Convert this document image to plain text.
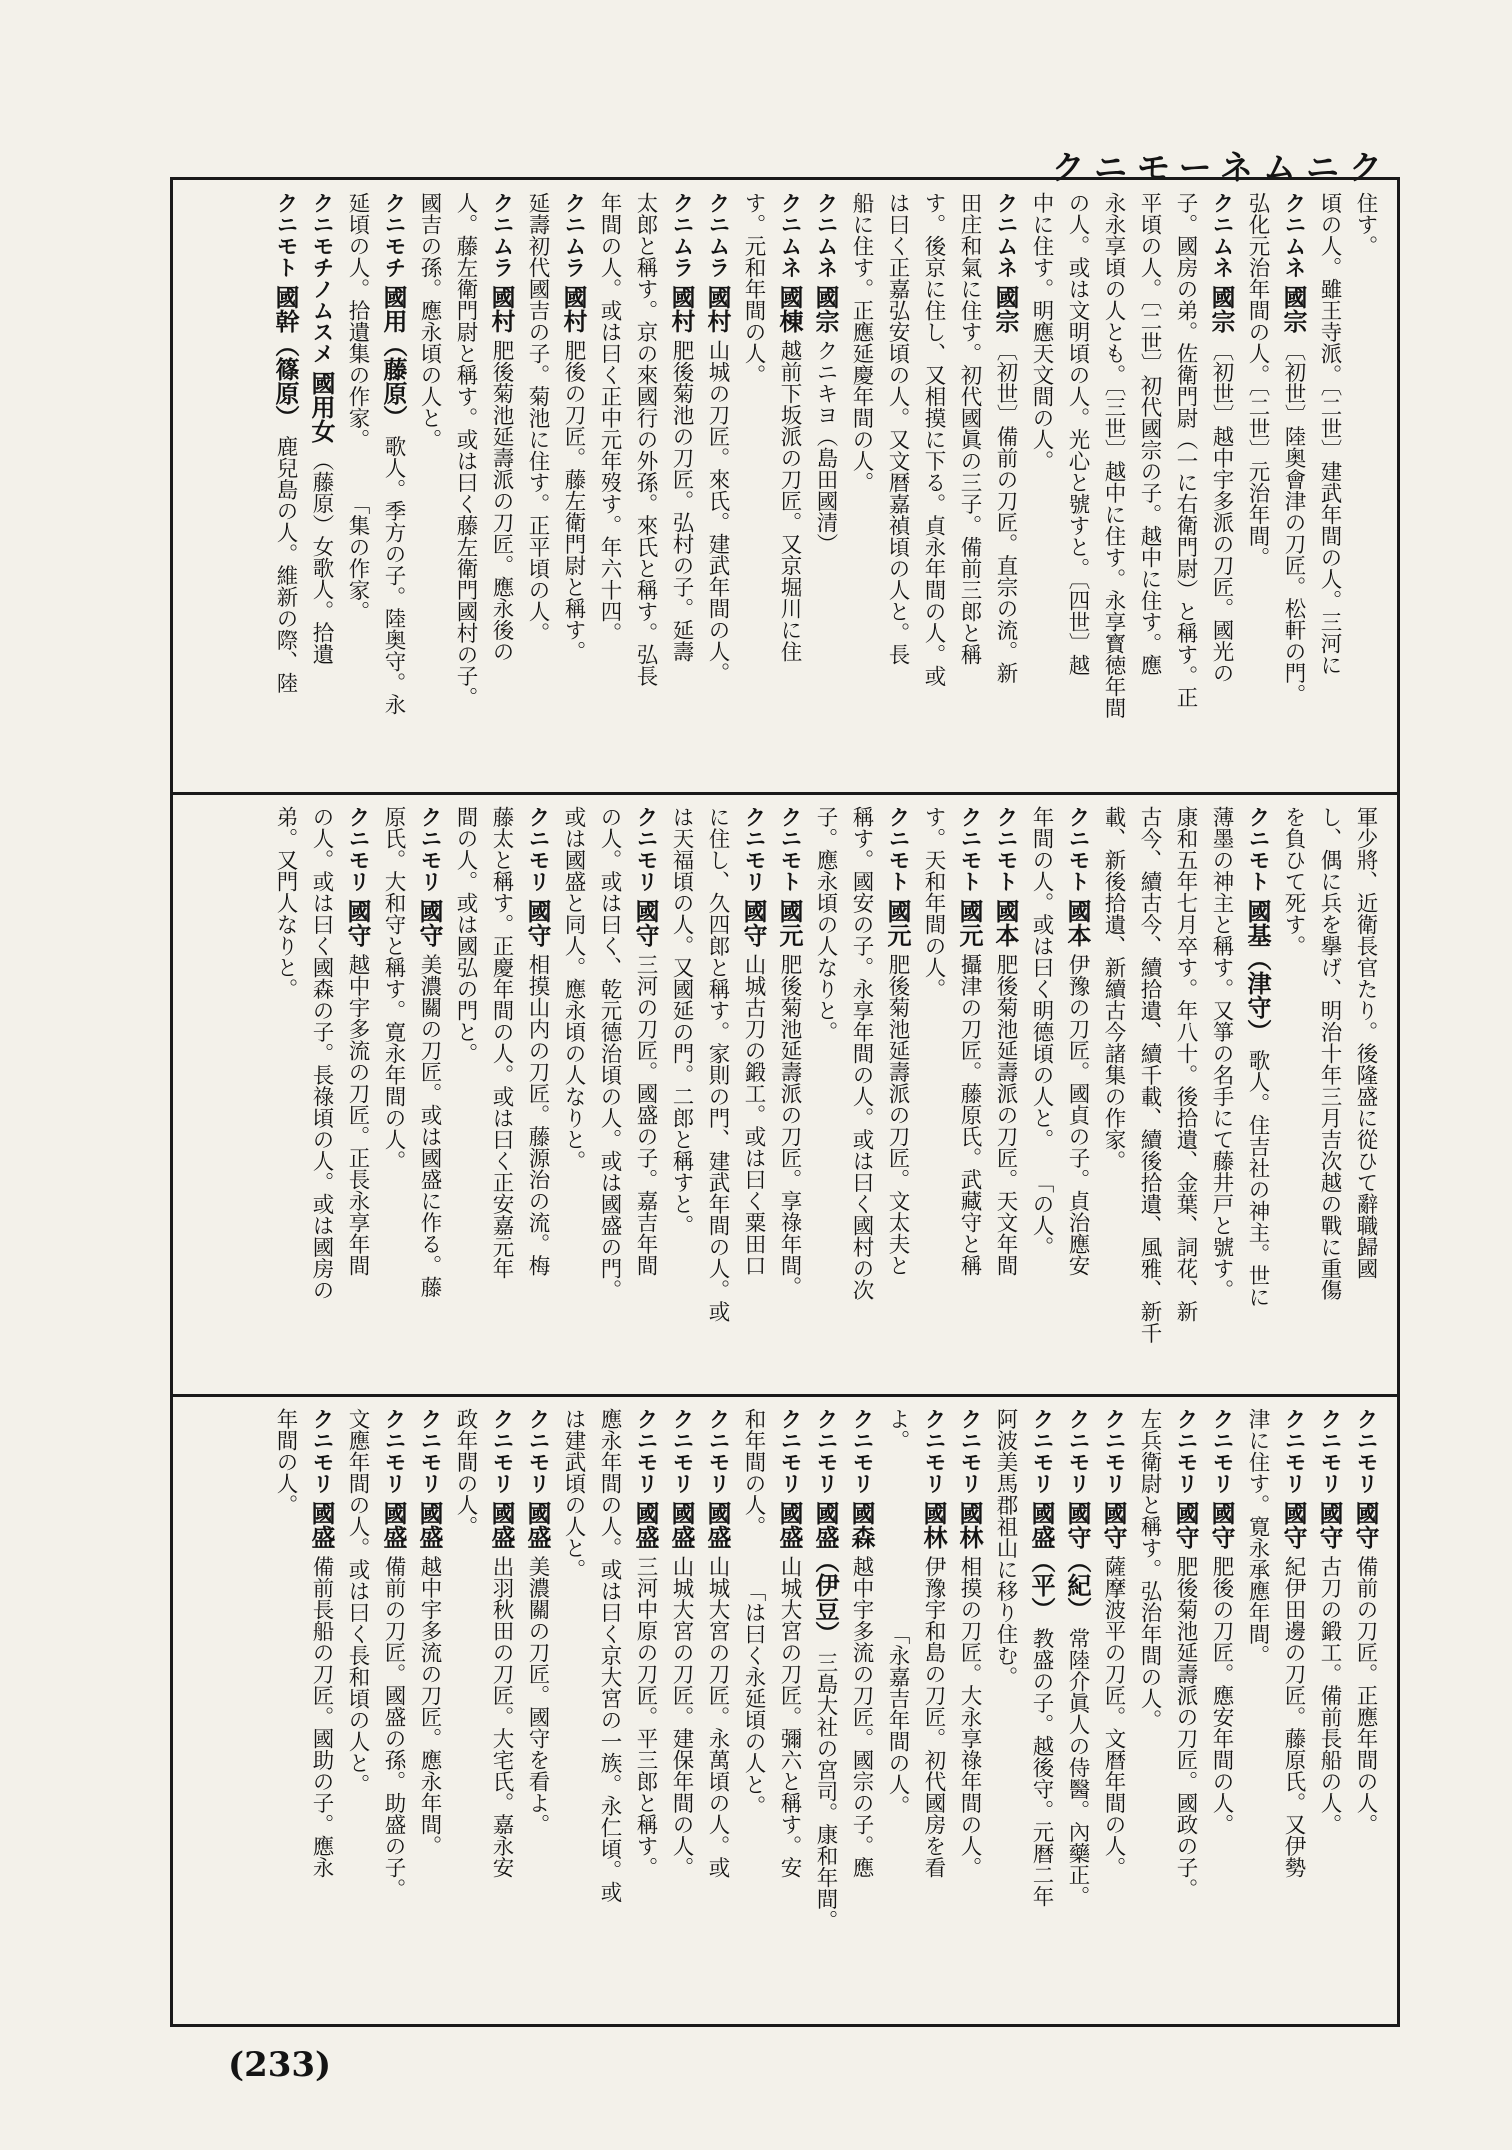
クニモーネムニク
住す。
頃の人。雖王寺派。〔二世〕建武年間の人。三河に
クニムネ 國宗 〔初世〕陸奥會津の刀匠。松軒の門。
弘化元治年間の人。〔二世〕元治年間。
クニムネ 國宗 〔初世〕越中宇多派の刀匠。國光の
子。國房の弟。佐衛門尉（一に右衛門尉）と稱す。正
平頃の人。〔二世〕初代國宗の子。越中に住す。應
永永享頃の人とも。〔三世〕越中に住す。永享寳徳年間
の人。或は文明頃の人。光心と號すと。〔四世〕越
中に住す。明應天文間の人。
クニムネ 國宗 〔初世〕備前の刀匠。直宗の流。新
田庄和氣に住す。初代國眞の三子。備前三郎と稱
す。後京に住し、又相摸に下る。貞永年間の人。或
は曰く正嘉弘安頃の人。又文暦嘉禎頃の人と。長
船に住す。正應延慶年間の人。
クニムネ 國宗 クニキヨ（島田國清）
クニムネ 國棟 越前下坂派の刀匠。又京堀川に住
す。元和年間の人。
クニムラ 國村 山城の刀匠。來氏。建武年間の人。
クニムラ 國村 肥後菊池の刀匠。弘村の子。延壽
太郎と稱す。京の來國行の外孫。來氏と稱す。弘長
年間の人。或は曰く正中元年歿す。年六十四。
クニムラ 國村 肥後の刀匠。藤左衛門尉と稱す。
延壽初代國吉の子。菊池に住す。正平頃の人。
クニムラ 國村 肥後菊池延壽派の刀匠。應永後の
人。藤左衛門尉と稱す。或は曰く藤左衛門國村の子。
國吉の孫。應永頃の人と。
クニモチ 國用（藤原） 歌人。季方の子。陸奥守。永
延頃の人。拾遺集の作家。　　　「集の作家。
クニモチノムスメ 國用女 （藤原）女歌人。拾遺
クニモト 國幹（篠原） 鹿兒島の人。維新の際、陸
軍少將、近衛長官たり。後隆盛に從ひて辭職歸國
し、偶に兵を擧げ、明治十年三月吉次越の戰に重傷
を負ひて死す。
クニモト 國基（津守） 歌人。住吉社の神主。世に
薄墨の神主と稱す。又箏の名手にて藤井戸と號す。
康和五年七月卒す。年八十。後拾遺、金葉、詞花、新
古今、續古今、續拾遺、續千載、續後拾遺、風雅、新千
載、新後拾遺、新續古今諸集の作家。
クニモト 國本 伊豫の刀匠。國貞の子。貞治應安
年間の人。或は曰く明德頃の人と。　　「の人。
クニモト 國本 肥後菊池延壽派の刀匠。天文年間
クニモト 國元 攝津の刀匠。藤原氏。武藏守と稱
す。天和年間の人。
クニモト 國元 肥後菊池延壽派の刀匠。文太夫と
稱す。國安の子。永享年間の人。或は曰く國村の次
子。應永頃の人なりと。
クニモト 國元 肥後菊池延壽派の刀匠。享祿年間。
クニモリ 國守 山城古刀の鍛工。或は曰く粟田口
に住し、久四郎と稱す。家則の門、建武年間の人。或
は天福頃の人。又國延の門。二郎と稱すと。
クニモリ 國守 三河の刀匠。國盛の子。嘉吉年間
の人。或は曰く、乾元德治頃の人。或は國盛の門。
或は國盛と同人。應永頃の人なりと。
クニモリ 國守 相摸山内の刀匠。藤源治の流。梅
藤太と稱す。正慶年間の人。或は曰く正安嘉元年
間の人。或は國弘の門と。
クニモリ 國守 美濃關の刀匠。或は國盛に作る。藤
原氏。大和守と稱す。寛永年間の人。
クニモリ 國守 越中宇多流の刀匠。正長永享年間
の人。或は曰く國森の子。長祿頃の人。或は國房の
弟。又門人なりと。
クニモリ 國守 備前の刀匠。正應年間の人。
クニモリ 國守 古刀の鍛工。備前長船の人。
クニモリ 國守 紀伊田邊の刀匠。藤原氏。又伊勢
津に住す。寛永承應年間。
クニモリ 國守 肥後の刀匠。應安年間の人。
クニモリ 國守 肥後菊池延壽派の刀匠。國政の子。
左兵衛尉と稱す。弘治年間の人。
クニモリ 國守 薩摩波平の刀匠。文暦年間の人。
クニモリ 國守（紀） 常陸介眞人の侍醫。內藥正。
クニモリ 國盛（平） 教盛の子。越後守。元暦二年
阿波美馬郡祖山に移り住む。
クニモリ 國林 相摸の刀匠。大永享祿年間の人。
クニモリ 國林 伊豫宇和島の刀匠。初代國房を看
よ。　　　　　　　　　「永嘉吉年間の人。
クニモリ 國森 越中宇多流の刀匠。國宗の子。應
クニモリ 國盛（伊豆） 三島大社の宮司。康和年間。
クニモリ 國盛 山城大宮の刀匠。彌六と稱す。安
和年間の人。　　　「は曰く永延頃の人と。
クニモリ 國盛 山城大宮の刀匠。永萬頃の人。或
クニモリ 國盛 山城大宮の刀匠。建保年間の人。
クニモリ 國盛 三河中原の刀匠。平三郎と稱す。
應永年間の人。或は曰く京大宮の一族。永仁頃。或
は建武頃の人と。
クニモリ 國盛 美濃關の刀匠。國守を看よ。
クニモリ 國盛 出羽秋田の刀匠。大宅氏。嘉永安
政年間の人。
クニモリ 國盛 越中宇多流の刀匠。應永年間。
クニモリ 國盛 備前の刀匠。國盛の孫。助盛の子。
文應年間の人。或は曰く長和頃の人と。
クニモリ 國盛 備前長船の刀匠。國助の子。應永
年間の人。
(233)
